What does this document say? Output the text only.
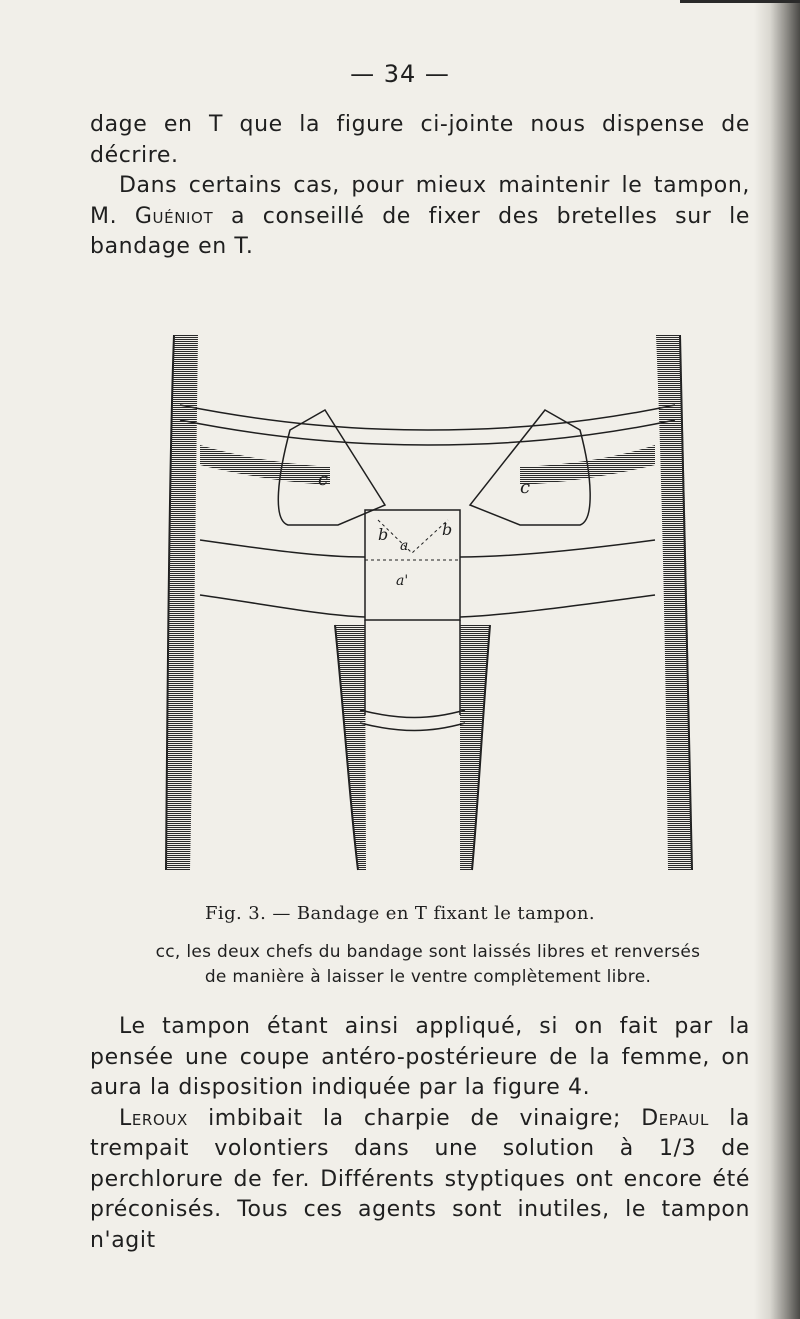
— 34 —

dage en T que la figure ci-jointe nous dispense de décrire.

Dans certains cas, pour mieux maintenir le tampon, M. Guéniot a conseillé de fixer des bretelles sur le bandage en T.

c	c
b	b
a
a'
Fig. 3. — Bandage en T fixant le tampon.
cc, les deux chefs du bandage sont laissés libres et renversés de manière à laisser le ventre complètement libre.

Le tampon étant ainsi appliqué, si on fait par la pensée une coupe antéro-postérieure de la femme, on aura la disposition indiquée par la figure 4.

Leroux imbibait la charpie de vinaigre; Depaul la trempait volontiers dans une solution à 1/3 de perchlorure de fer. Différents styptiques ont encore été préconisés. Tous ces agents sont inutiles, le tampon n'agit
